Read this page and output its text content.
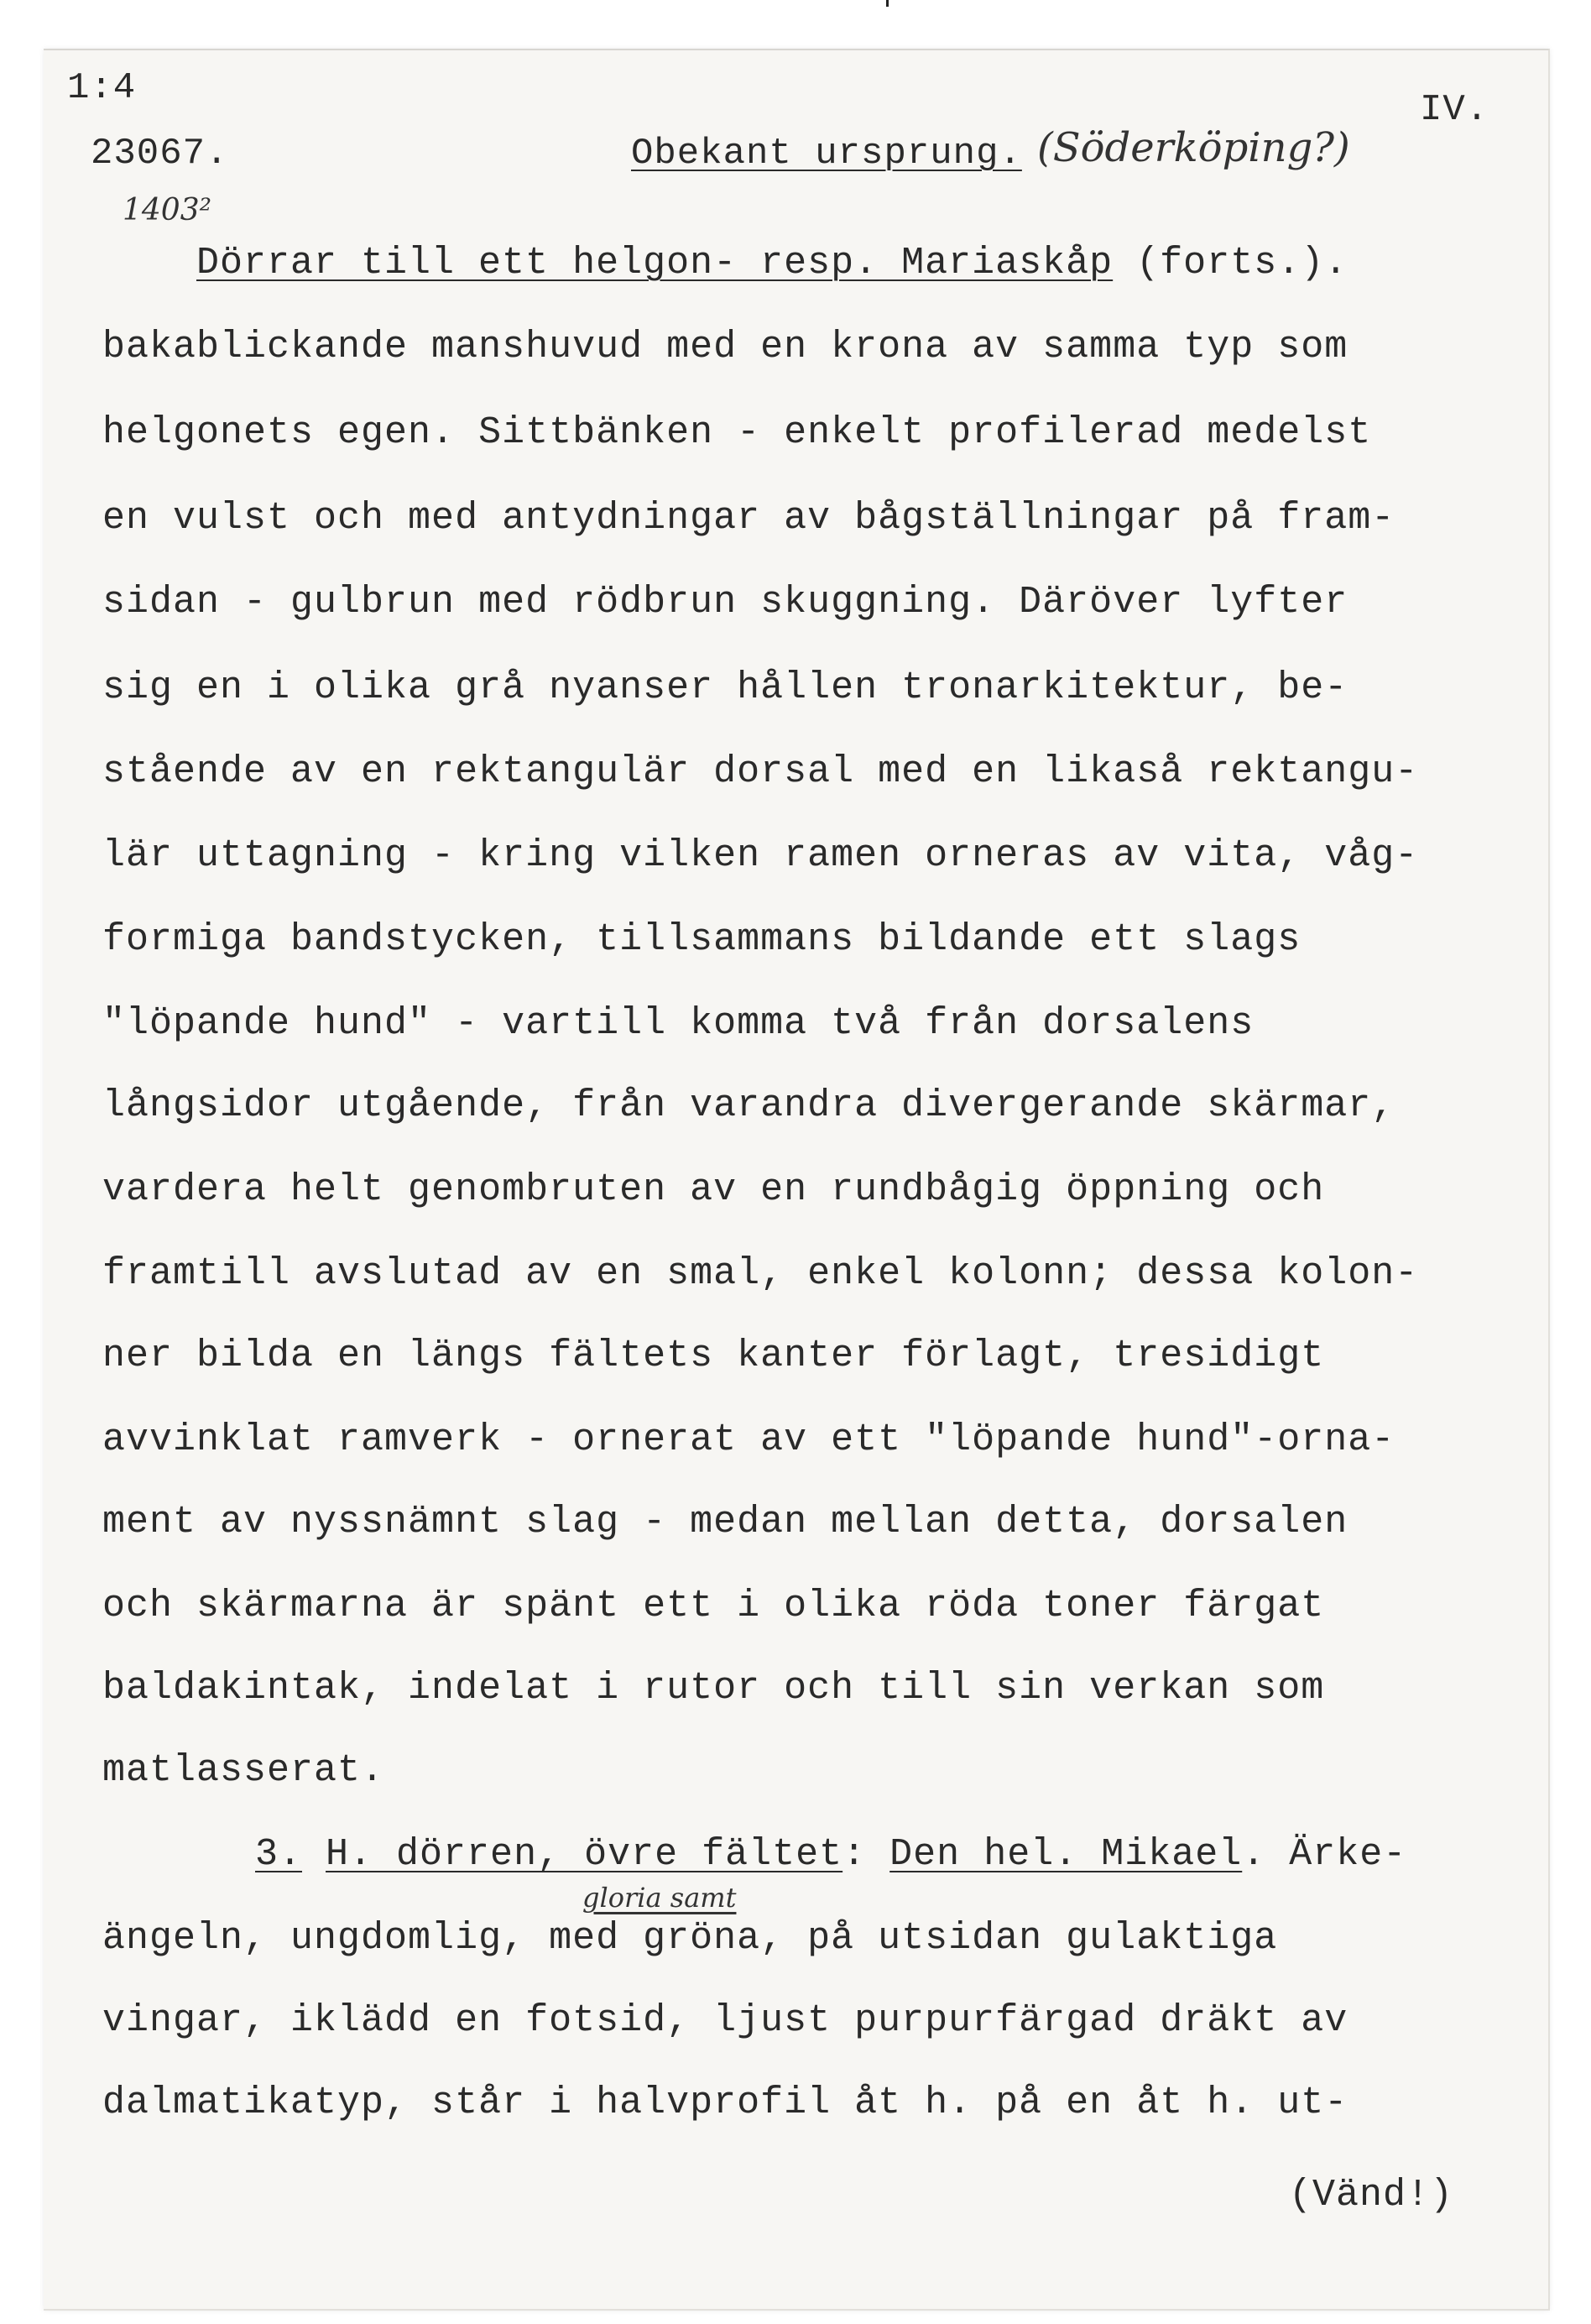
1:4
23067.
1403²
Obekant ursprung. (Söderköping?)
IV.
Dörrar till ett helgon- resp. Mariaskåp (forts.).
bakablickande manshuvud med en krona av samma typ som
helgonets egen. Sittbänken - enkelt profilerad medelst
en vulst och med antydningar av bågställningar på fram-
sidan - gulbrun med rödbrun skuggning. Däröver lyfter
sig en i olika grå nyanser hållen tronarkitektur, be-
stående av en rektangulär dorsal med en likaså rektangu-
lär uttagning - kring vilken ramen orneras av vita, våg-
formiga bandstycken, tillsammans bildande ett slags
"löpande hund" - vartill komma två från dorsalens
långsidor utgående, från varandra divergerande skärmar,
vardera helt genombruten av en rundbågig öppning och
framtill avslutad av en smal, enkel kolonn; dessa kolon-
ner bilda en längs fältets kanter förlagt, tresidigt
avvinklat ramverk - ornerat av ett "löpande hund"-orna-
ment av nyssnämnt slag - medan mellan detta, dorsalen
och skärmarna är spänt ett i olika röda toner färgat
baldakintak, indelat i rutor och till sin verkan som
matlasserat.
3. H. dörren, övre fältet: Den hel. Mikael. Ärke-
gloria samt
ängeln, ungdomlig, med gröna, på utsidan gulaktiga
vingar, iklädd en fotsid, ljust purpurfärgad dräkt av
dalmatikatyp, står i halvprofil åt h. på en åt h. ut-
(Vänd!)
